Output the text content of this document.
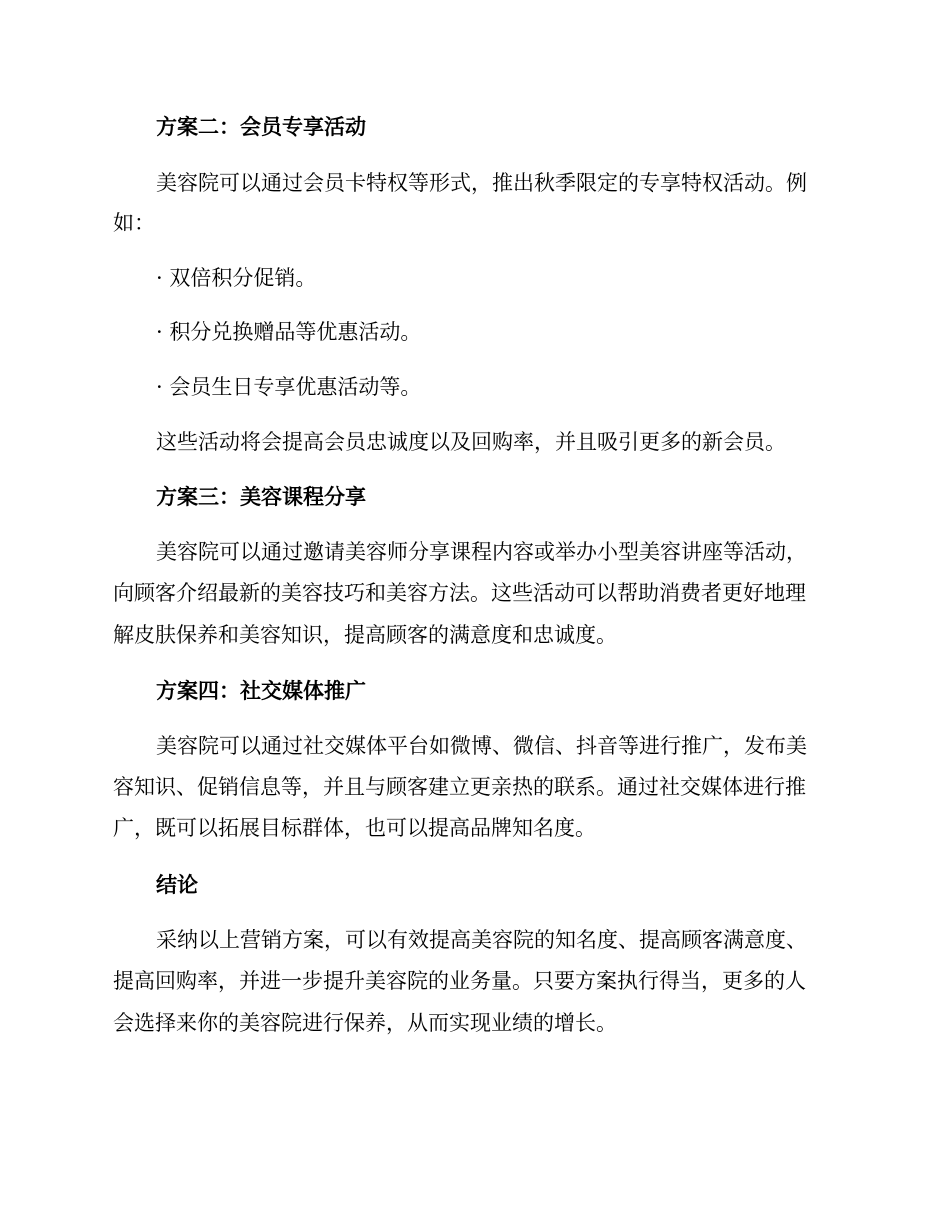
方案二：会员专享活动
美容院可以通过会员卡特权等形式，推出秋季限定的专享特权活动。例
如：
· 双倍积分促销。
· 积分兑换赠品等优惠活动。
· 会员生日专享优惠活动等。
这些活动将会提高会员忠诚度以及回购率，并且吸引更多的新会员。
方案三：美容课程分享
美容院可以通过邀请美容师分享课程内容或举办小型美容讲座等活动，
向顾客介绍最新的美容技巧和美容方法。这些活动可以帮助消费者更好地理
解皮肤保养和美容知识，提高顾客的满意度和忠诚度。
方案四：社交媒体推广
美容院可以通过社交媒体平台如微博、微信、抖音等进行推广，发布美
容知识、促销信息等，并且与顾客建立更亲热的联系。通过社交媒体进行推
广，既可以拓展目标群体，也可以提高品牌知名度。
结论
采纳以上营销方案，可以有效提高美容院的知名度、提高顾客满意度、
提高回购率，并进一步提升美容院的业务量。只要方案执行得当，更多的人
会选择来你的美容院进行保养，从而实现业绩的增长。
